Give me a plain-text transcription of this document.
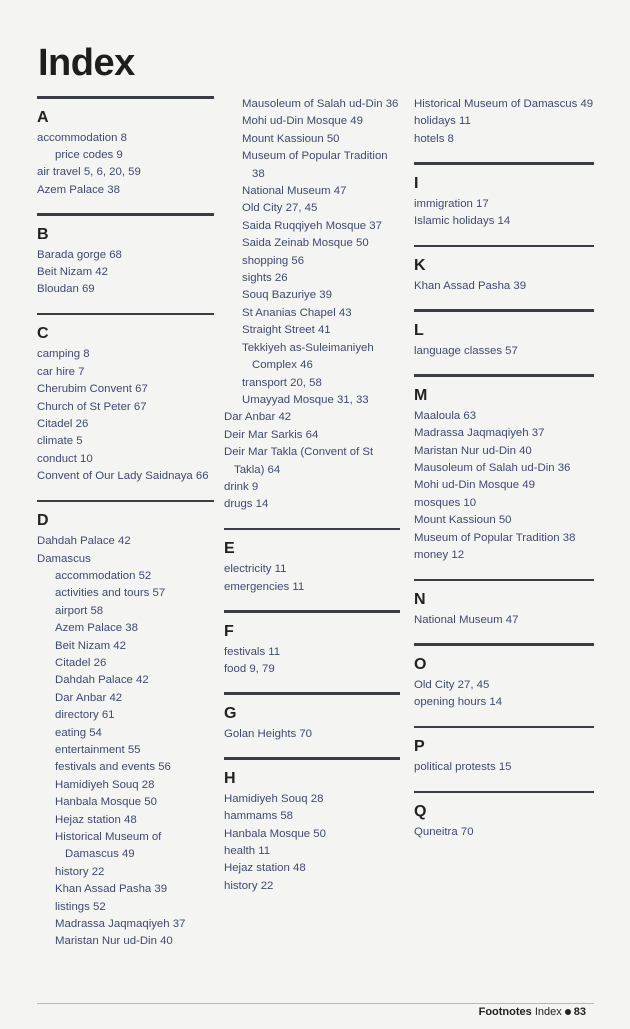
Index
A
accommodation 8
price codes 9
air travel 5, 6, 20, 59
Azem Palace 38
B
Barada gorge 68
Beit Nizam 42
Bloudan 69
C
camping 8
car hire 7
Cherubim Convent 67
Church of St Peter 67
Citadel 26
climate 5
conduct 10
Convent of Our Lady Saidnaya 66
D
Dahdah Palace 42
Damascus
accommodation 52
activities and tours 57
airport 58
Azem Palace 38
Beit Nizam 42
Citadel 26
Dahdah Palace 42
Dar Anbar 42
directory 61
eating 54
entertainment 55
festivals and events 56
Hamidiyeh Souq 28
Hanbala Mosque 50
Hejaz station 48
Historical Museum of Damascus 49
history 22
Khan Assad Pasha 39
listings 52
Madrassa Jaqmaqiyeh 37
Maristan Nur ud-Din 40
Mausoleum of Salah ud-Din 36
Mohi ud-Din Mosque 49
Mount Kassioun 50
Museum of Popular Tradition 38
National Museum 47
Old City 27, 45
Saida Ruqqiyeh Mosque 37
Saida Zeinab Mosque 50
shopping 56
sights 26
Souq Bazuriye 39
St Ananias Chapel 43
Straight Street 41
Tekkiyeh as-Suleimaniyeh Complex 46
transport 20, 58
Umayyad Mosque 31, 33
Dar Anbar 42
Deir Mar Sarkis 64
Deir Mar Takla (Convent of St Takla) 64
drink 9
drugs 14
E
electricity 11
emergencies 11
F
festivals 11
food 9, 79
G
Golan Heights 70
H
Hamidiyeh Souq 28
hammams 58
Hanbala Mosque 50
health 11
Hejaz station 48
history 22
Historical Museum of Damascus 49
holidays 11
hotels 8
I
immigration 17
Islamic holidays 14
K
Khan Assad Pasha 39
L
language classes 57
M
Maaloula 63
Madrassa Jaqmaqiyeh 37
Maristan Nur ud-Din 40
Mausoleum of Salah ud-Din 36
Mohi ud-Din Mosque 49
mosques 10
Mount Kassioun 50
Museum of Popular Tradition 38
money 12
N
National Museum 47
O
Old City 27, 45
opening hours 14
P
political protests 15
Q
Quneitra 70
Footnotes Index 83
